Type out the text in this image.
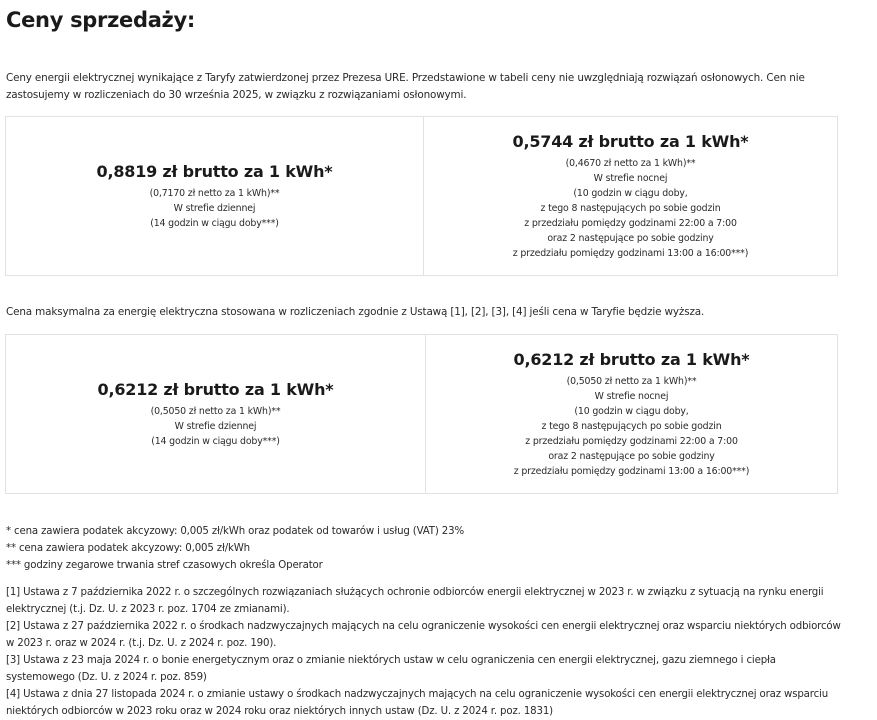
Ceny sprzedaży:

Ceny energii elektrycznej wynikające z Taryfy zatwierdzonej przez Prezesa URE. Przedstawione w tabeli ceny nie uwzględniają rozwiązań osłonowych. Cen nie zastosujemy w rozliczeniach do 30 września 2025, w związku z rozwiązaniami osłonowymi.

0,8819 zł brutto za 1 kWh*
(0,7170 zł netto za 1 kWh)**
W strefie dziennej
(14 godzin w ciągu doby***)
0,5744 zł brutto za 1 kWh*
(0,4670 zł netto za 1 kWh)**
W strefie nocnej
(10 godzin w ciągu doby,
z tego 8 następujących po sobie godzin
z przedziału pomiędzy godzinami 22:00 a 7:00
oraz 2 następujące po sobie godziny
z przedziału pomiędzy godzinami 13:00 a 16:00***)

Cena maksymalna za energię elektryczna stosowana w rozliczeniach zgodnie z Ustawą [1], [2], [3], [4] jeśli cena w Taryfie będzie wyższa.

0,6212 zł brutto za 1 kWh*
(0,5050 zł netto za 1 kWh)**
W strefie dziennej
(14 godzin w ciągu doby***)
0,6212 zł brutto za 1 kWh*
(0,5050 zł netto za 1 kWh)**
W strefie nocnej
(10 godzin w ciągu doby,
z tego 8 następujących po sobie godzin
z przedziału pomiędzy godzinami 22:00 a 7:00
oraz 2 następujące po sobie godziny
z przedziału pomiędzy godzinami 13:00 a 16:00***)
* cena zawiera podatek akcyzowy: 0,005 zł/kWh oraz podatek od towarów i usług (VAT) 23%
** cena zawiera podatek akcyzowy: 0,005 zł/kWh
*** godziny zegarowe trwania stref czasowych określa Operator
[1] Ustawa z 7 października 2022 r. o szczególnych rozwiązaniach służących ochronie odbiorców energii elektrycznej w 2023 r. w związku z sytuacją na rynku energii elektrycznej (t.j. Dz. U. z 2023 r. poz. 1704 ze zmianami).
[2] Ustawa z 27 października 2022 r. o środkach nadzwyczajnych mających na celu ograniczenie wysokości cen energii elektrycznej oraz wsparciu niektórych odbiorców w 2023 r. oraz w 2024 r. (t.j. Dz. U. z 2024 r. poz. 190).
[3] Ustawa z 23 maja 2024 r. o bonie energetycznym oraz o zmianie niektórych ustaw w celu ograniczenia cen energii elektrycznej, gazu ziemnego i ciepła systemowego (Dz. U. z 2024 r. poz. 859)
[4] Ustawa z dnia 27 listopada 2024 r. o zmianie ustawy o środkach nadzwyczajnych mających na celu ograniczenie wysokości cen energii elektrycznej oraz wsparciu niektórych odbiorców w 2023 roku oraz w 2024 roku oraz niektórych innych ustaw (Dz. U. z 2024 r. poz. 1831)
